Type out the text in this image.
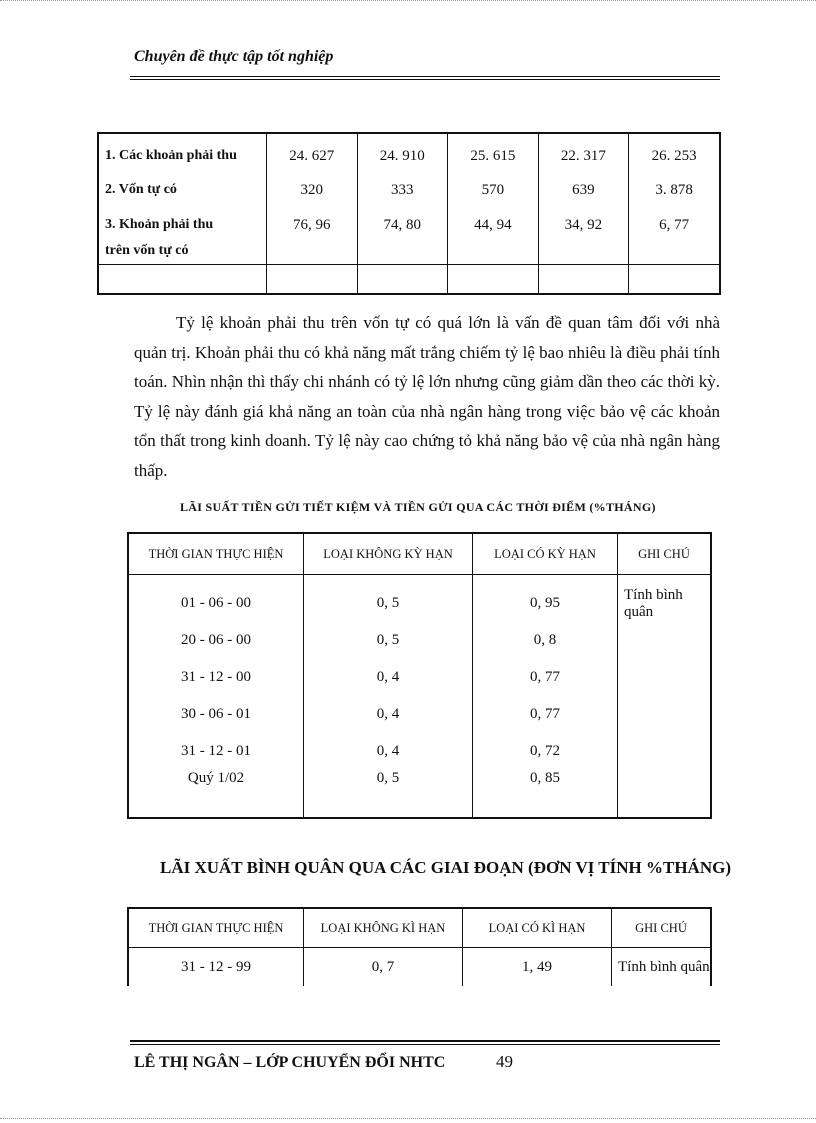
Chuyên đề thực tập tốt nghiệp
1. Các khoản phải thu	24. 627	24. 910	25. 615	22. 317	26. 253
2. Vốn tự có	320	333	570	639	3. 878
3. Khoản phải thu
trên vốn tự có	76, 96	74, 80	44, 94	34, 92	6, 77

Tỷ lệ khoản phải thu trên vốn tự có quá lớn là vấn đề quan tâm đối với nhà quản trị. Khoản phải thu có khả năng mất trắng chiếm tỷ lệ bao nhiêu là điều phải tính toán. Nhìn nhận thì thấy chi nhánh có tỷ lệ lớn nhưng cũng giảm dần theo các thời kỳ. Tỷ lệ này đánh giá khả năng an toàn của nhà ngân hàng trong việc bảo vệ các khoản tổn thất trong kinh doanh. Tỷ lệ này cao chứng tỏ khả năng bảo vệ của nhà ngân hàng thấp.

LÃI SUẤT TIỀN GỬI TIẾT KIỆM VÀ TIỀN GỬI QUA CÁC THỜI ĐIỂM (%THÁNG)
THỜI GIAN THỰC HIỆN	LOẠI KHÔNG KỲ HẠN	LOẠI CÓ KỲ HẠN	GHI CHÚ
01 - 06 - 00	0, 5	0, 95	Tính bình quân
20 - 06 - 00	0, 5	0, 8	
31 - 12 - 00	0, 4	0, 77	
30 - 06 - 01	0, 4	0, 77	
31 - 12 - 01	0, 4	0, 72	
Quý 1/02	0, 5	0, 85	
LÃI XUẤT BÌNH QUÂN QUA CÁC GIAI ĐOẠN (ĐƠN VỊ TÍNH %THÁNG)
THỜI GIAN THỰC HIỆN	LOẠI KHÔNG KÌ HẠN	LOẠI CÓ KÌ HẠN	GHI CHÚ
31 - 12 - 99	0, 7	1, 49	Tính bình quân
LÊ THỊ NGÂN – LỚP CHUYỂN ĐỔI NHTC	49
